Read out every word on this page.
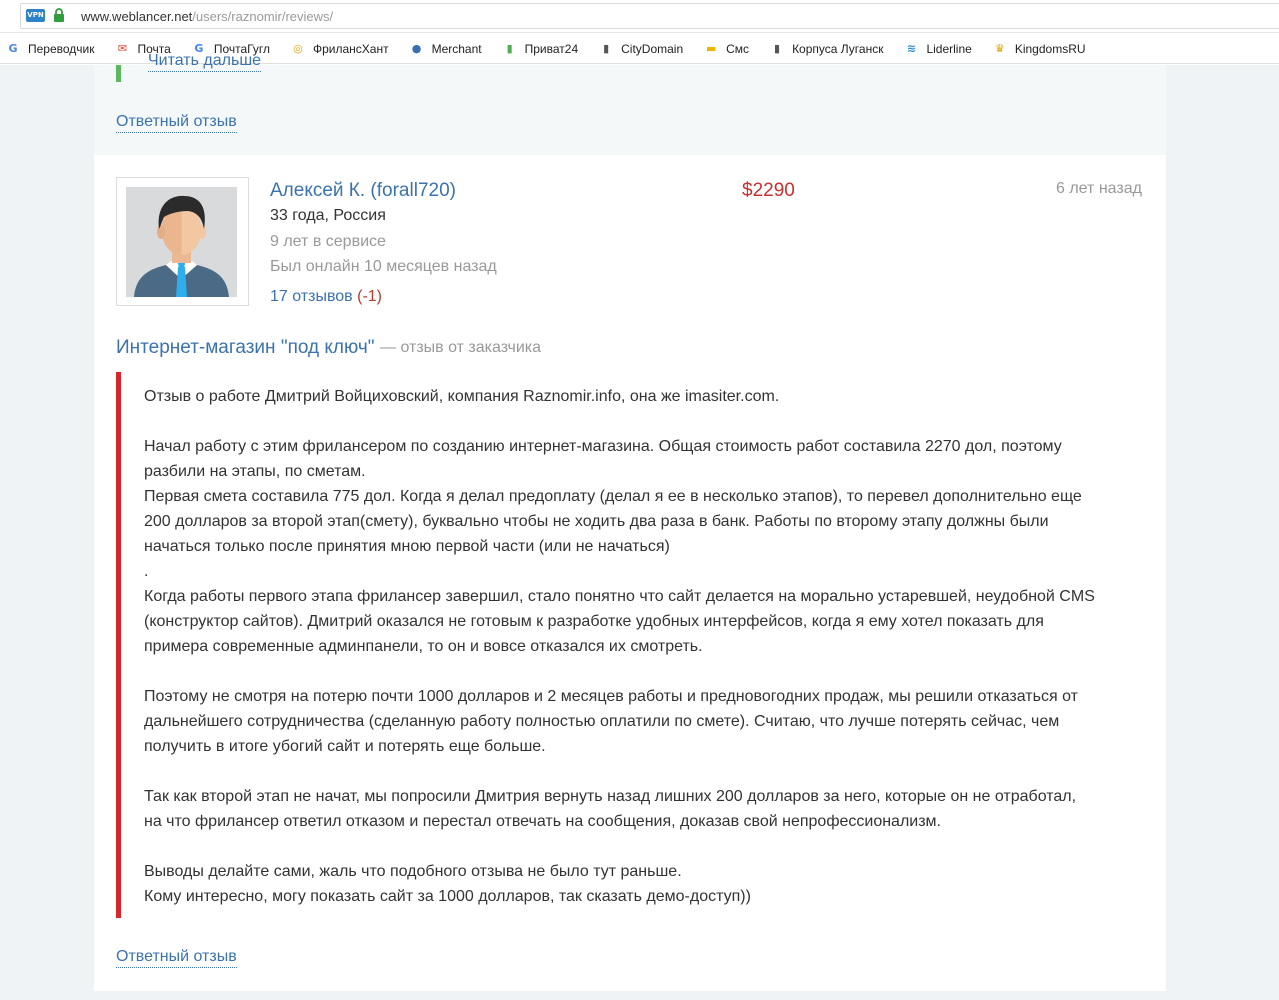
VPN	www.weblancer.net/users/raznomir/reviews/
G Переводчик	✉ Почта	G ПочтаГугл ◎ ФрилансХант ● Merchant	▮ Приват24	▮ CityDomain ▬ Смс	▮ Корпуса Луганск	≋ Liderline ♛ KingdomsRU
Читать дальше
Ответный отзыв
Алексей К. (forall720)
33 года, Россия
9 лет в сервисе
Был онлайн 10 месяцев назад
17 отзывов (-1)
$2290	6 лет назад
Интернет-магазин "под ключ" — отзыв от заказчика
Отзыв о работе Дмитрий Войциховский, компания Raznomir.info, она же imasiter.com.
Начал работу с этим фрилансером по созданию интернет-магазина. Общая стоимость работ составила 2270 дол, поэтому
разбили на этапы, по сметам.
Первая смета составила 775 дол. Когда я делал предоплату (делал я ее в несколько этапов), то перевел дополнительно еще
200 долларов за второй этап(смету), буквально чтобы не ходить два раза в банк. Работы по второму этапу должны были
начаться только после принятия мною первой части (или не начаться)
.
Когда работы первого этапа фрилансер завершил, стало понятно что сайт делается на морально устаревшей, неудобной CMS
(конструктор сайтов). Дмитрий оказался не готовым к разработке удобных интерфейсов, когда я ему хотел показать для
примера современные админпанели, то он и вовсе отказался их смотреть.
Поэтому не смотря на потерю почти 1000 долларов и 2 месяцев работы и предновогодних продаж, мы решили отказаться от
дальнейшего сотрудничества (сделанную работу полностью оплатили по смете). Считаю, что лучше потерять сейчас, чем
получить в итоге убогий сайт и потерять еще больше.
Так как второй этап не начат, мы попросили Дмитрия вернуть назад лишних 200 долларов за него, которые он не отработал,
на что фрилансер ответил отказом и перестал отвечать на сообщения, доказав свой непрофессионализм.
Выводы делайте сами, жаль что подобного отзыва не было тут раньше.
Кому интересно, могу показать сайт за 1000 долларов, так сказать демо-доступ))
Ответный отзыв
